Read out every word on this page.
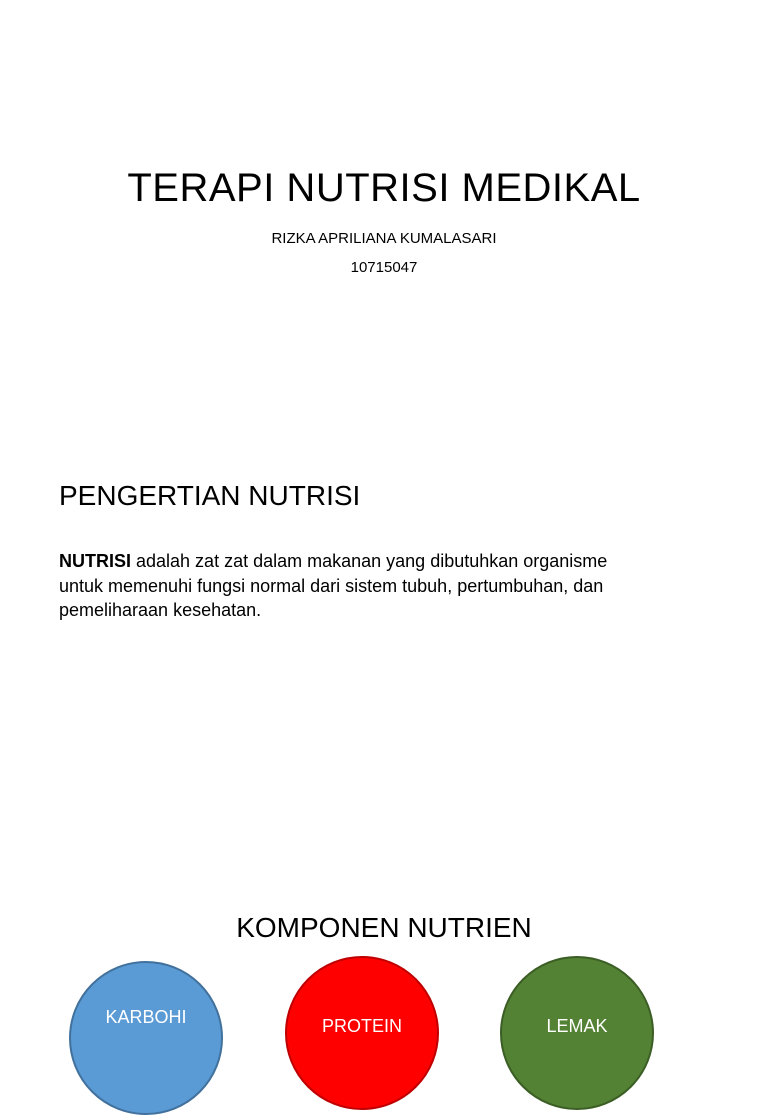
TERAPI NUTRISI MEDIKAL

RIZKA APRILIANA KUMALASARI

10715047

PENGERTIAN NUTRISI

NUTRISI adalah zat zat dalam makanan yang dibutuhkan organisme
untuk memenuhi fungsi normal dari sistem tubuh, pertumbuhan, dan
pemeliharaan kesehatan.

KOMPONEN NUTRIEN
KARBOHI	PROTEIN	LEMAK
